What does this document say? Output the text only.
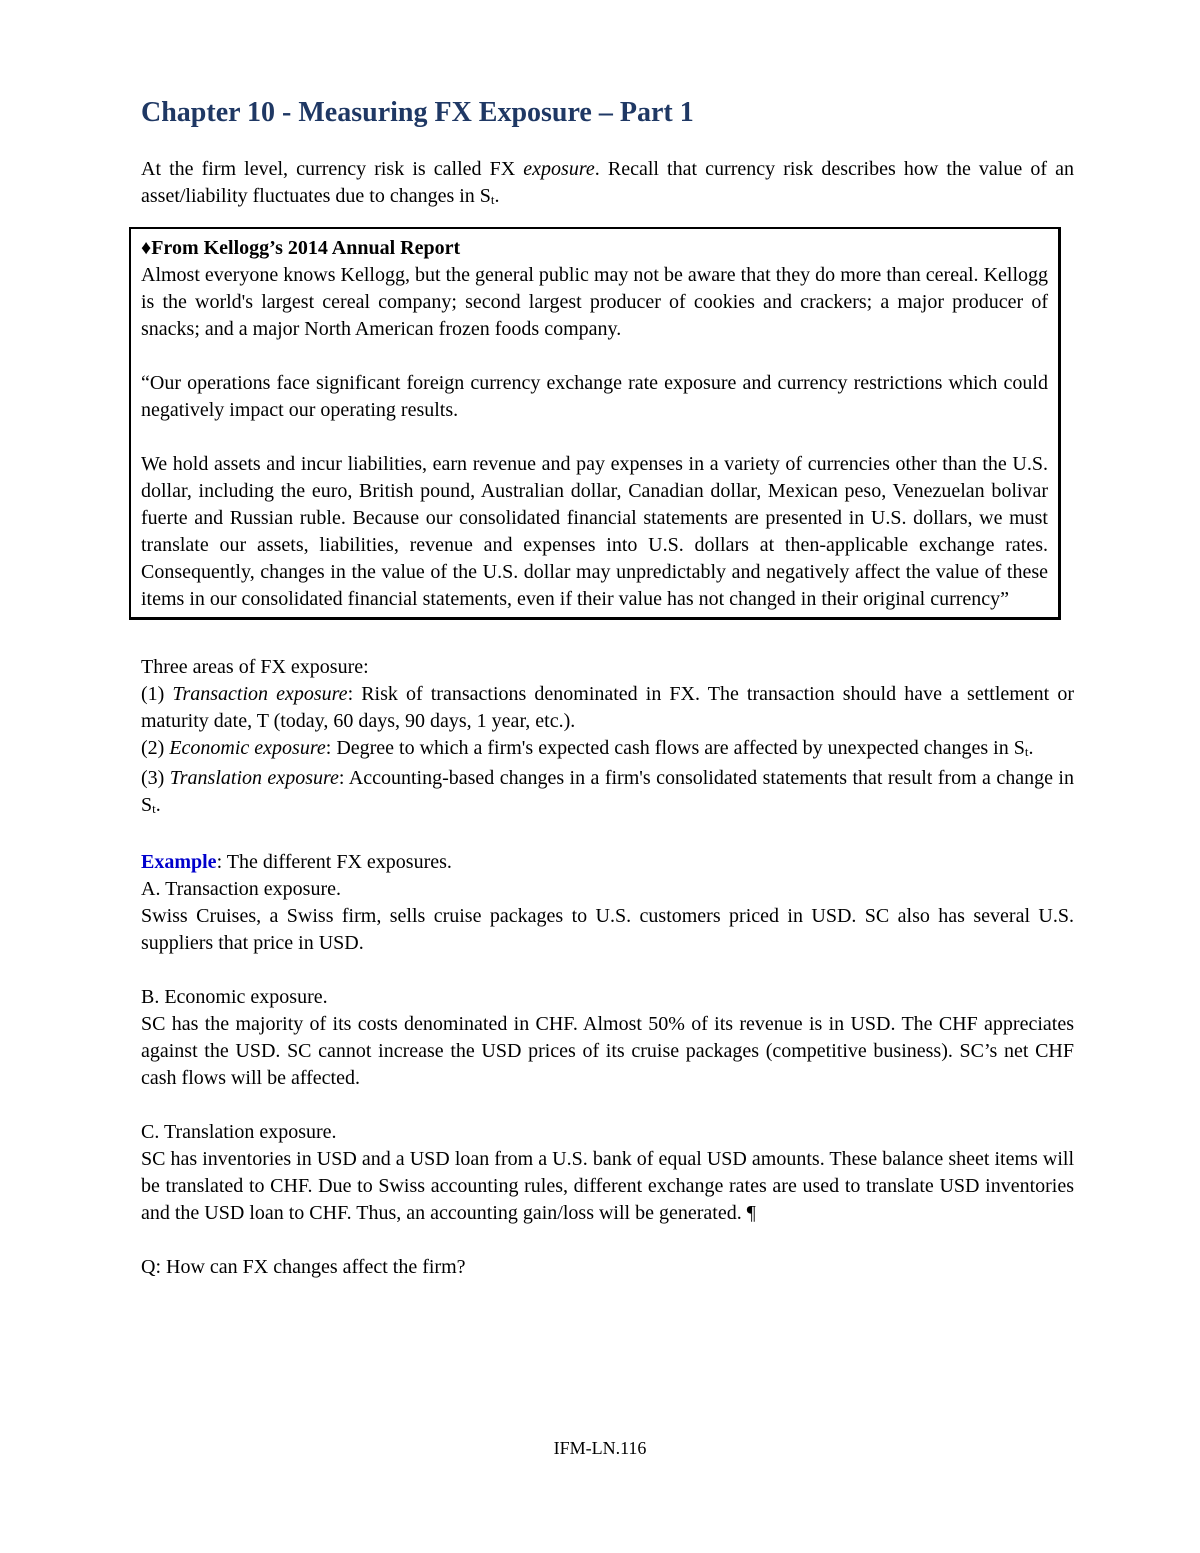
Chapter 10 - Measuring FX Exposure – Part 1

At the firm level, currency risk is called FX exposure. Recall that currency risk describes how the value of an asset/liability fluctuates due to changes in St.

♦From Kellogg’s 2014 Annual Report

Almost everyone knows Kellogg, but the general public may not be aware that they do more than cereal. Kellogg is the world's largest cereal company; second largest producer of cookies and crackers; a major producer of snacks; and a major North American frozen foods company.

“Our operations face significant foreign currency exchange rate exposure and currency restrictions which could negatively impact our operating results.

We hold assets and incur liabilities, earn revenue and pay expenses in a variety of currencies other than the U.S. dollar, including the euro, British pound, Australian dollar, Canadian dollar, Mexican peso, Venezuelan bolivar fuerte and Russian ruble. Because our consolidated financial statements are presented in U.S. dollars, we must translate our assets, liabilities, revenue and expenses into U.S. dollars at then-applicable exchange rates. Consequently, changes in the value of the U.S. dollar may unpredictably and negatively affect the value of these items in our consolidated financial statements, even if their value has not changed in their original currency”

Three areas of FX exposure:

(1) Transaction exposure: Risk of transactions denominated in FX. The transaction should have a settlement or maturity date, T (today, 60 days, 90 days, 1 year, etc.).

(2) Economic exposure: Degree to which a firm's expected cash flows are affected by unexpected changes in St.

(3) Translation exposure: Accounting-based changes in a firm's consolidated statements that result from a change in St.

Example: The different FX exposures.

A. Transaction exposure.

Swiss Cruises, a Swiss firm, sells cruise packages to U.S. customers priced in USD. SC also has several U.S. suppliers that price in USD.

B. Economic exposure.

SC has the majority of its costs denominated in CHF. Almost 50% of its revenue is in USD. The CHF appreciates against the USD. SC cannot increase the USD prices of its cruise packages (competitive business). SC’s net CHF cash flows will be affected.

C. Translation exposure.

SC has inventories in USD and a USD loan from a U.S. bank of equal USD amounts. These balance sheet items will be translated to CHF. Due to Swiss accounting rules, different exchange rates are used to translate USD inventories and the USD loan to CHF. Thus, an accounting gain/loss will be generated. ¶

Q: How can FX changes affect the firm?

IFM-LN.116
